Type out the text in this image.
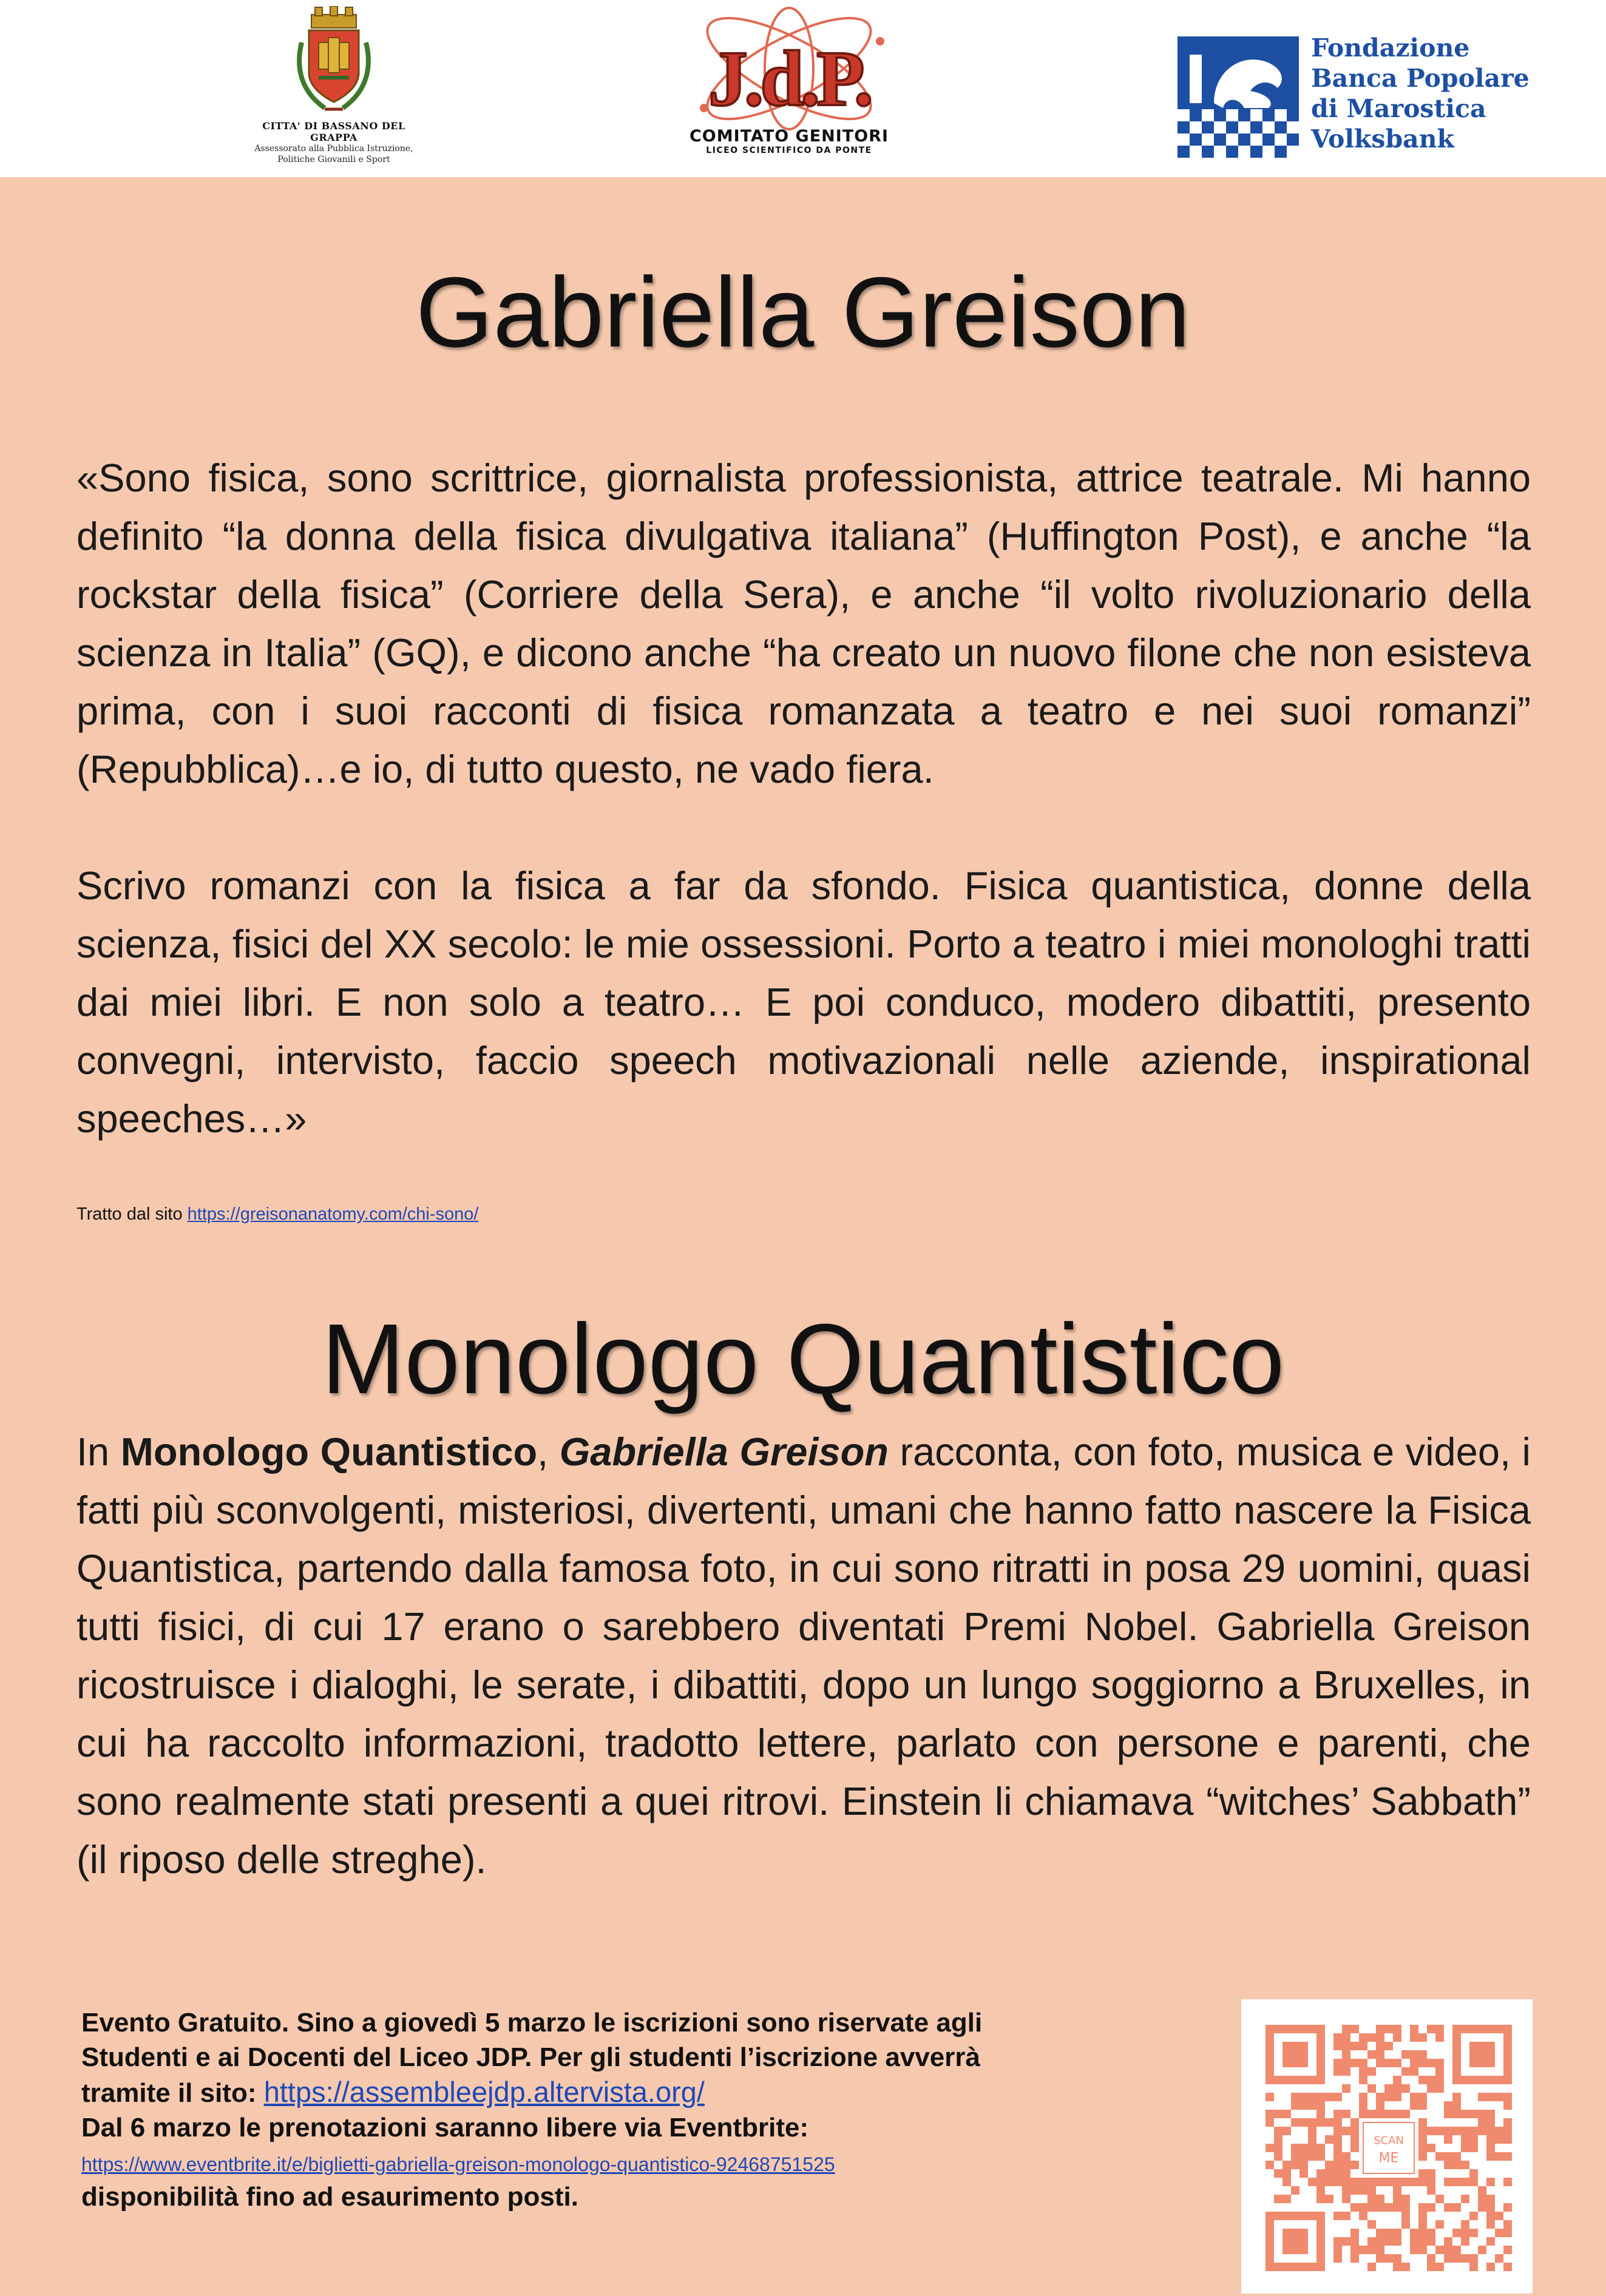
CITTA' DI BASSANO DEL GRAPPA
Assessorato alla Pubblica Istruzione,
Politiche Giovanili e Sport
J.d.P.
COMITATO GENITORI
LICEO SCIENTIFICO DA PONTE
Fondazione
Banca Popolare
di Marostica
Volksbank
Gabriella Greison

«Sono fisica, sono scrittrice, giornalista professionista, attrice teatrale. Mi hanno definito “la donna della fisica divulgativa italiana” (Huffington Post), e anche “la rockstar della fisica” (Corriere della Sera), e anche “il volto rivoluzionario della scienza in Italia” (GQ), e dicono anche “ha creato un nuovo filone che non esisteva prima, con i suoi racconti di fisica romanzata a teatro e nei suoi romanzi” (Repubblica)…e io, di tutto questo, ne vado fiera.

Scrivo romanzi con la fisica a far da sfondo. Fisica quantistica, donne della scienza, fisici del XX secolo: le mie ossessioni. Porto a teatro i miei monologhi tratti dai miei libri. E non solo a teatro… E poi conduco, modero dibattiti, presento convegni, intervisto, faccio speech motivazionali nelle aziende, inspirational speeches…»

Tratto dal sito https://greisonanatomy.com/chi-sono/
Monologo Quantistico

In Monologo Quantistico, Gabriella Greison racconta, con foto, musica e video, i fatti più sconvolgenti, misteriosi, divertenti, umani che hanno fatto nascere la Fisica Quantistica, partendo dalla famosa foto, in cui sono ritratti in posa 29 uomini, quasi tutti fisici, di cui 17 erano o sarebbero diventati Premi Nobel. Gabriella Greison ricostruisce i dialoghi, le serate, i dibattiti, dopo un lungo soggiorno a Bruxelles, in cui ha raccolto informazioni, tradotto lettere, parlato con persone e parenti, che sono realmente stati presenti a quei ritrovi. Einstein li chiamava “witches’ Sabbath” (il riposo delle streghe).

Evento Gratuito. Sino a giovedì 5 marzo le iscrizioni sono riservate agli
Studenti e ai Docenti del Liceo JDP. Per gli studenti l’iscrizione avverrà
tramite il sito: https://assembleejdp.altervista.org/
Dal 6 marzo le prenotazioni saranno libere via Eventbrite:
https://www.eventbrite.it/e/biglietti-gabriella-greison-monologo-quantistico-92468751525
disponibilità fino ad esaurimento posti.
SCAN
ME
